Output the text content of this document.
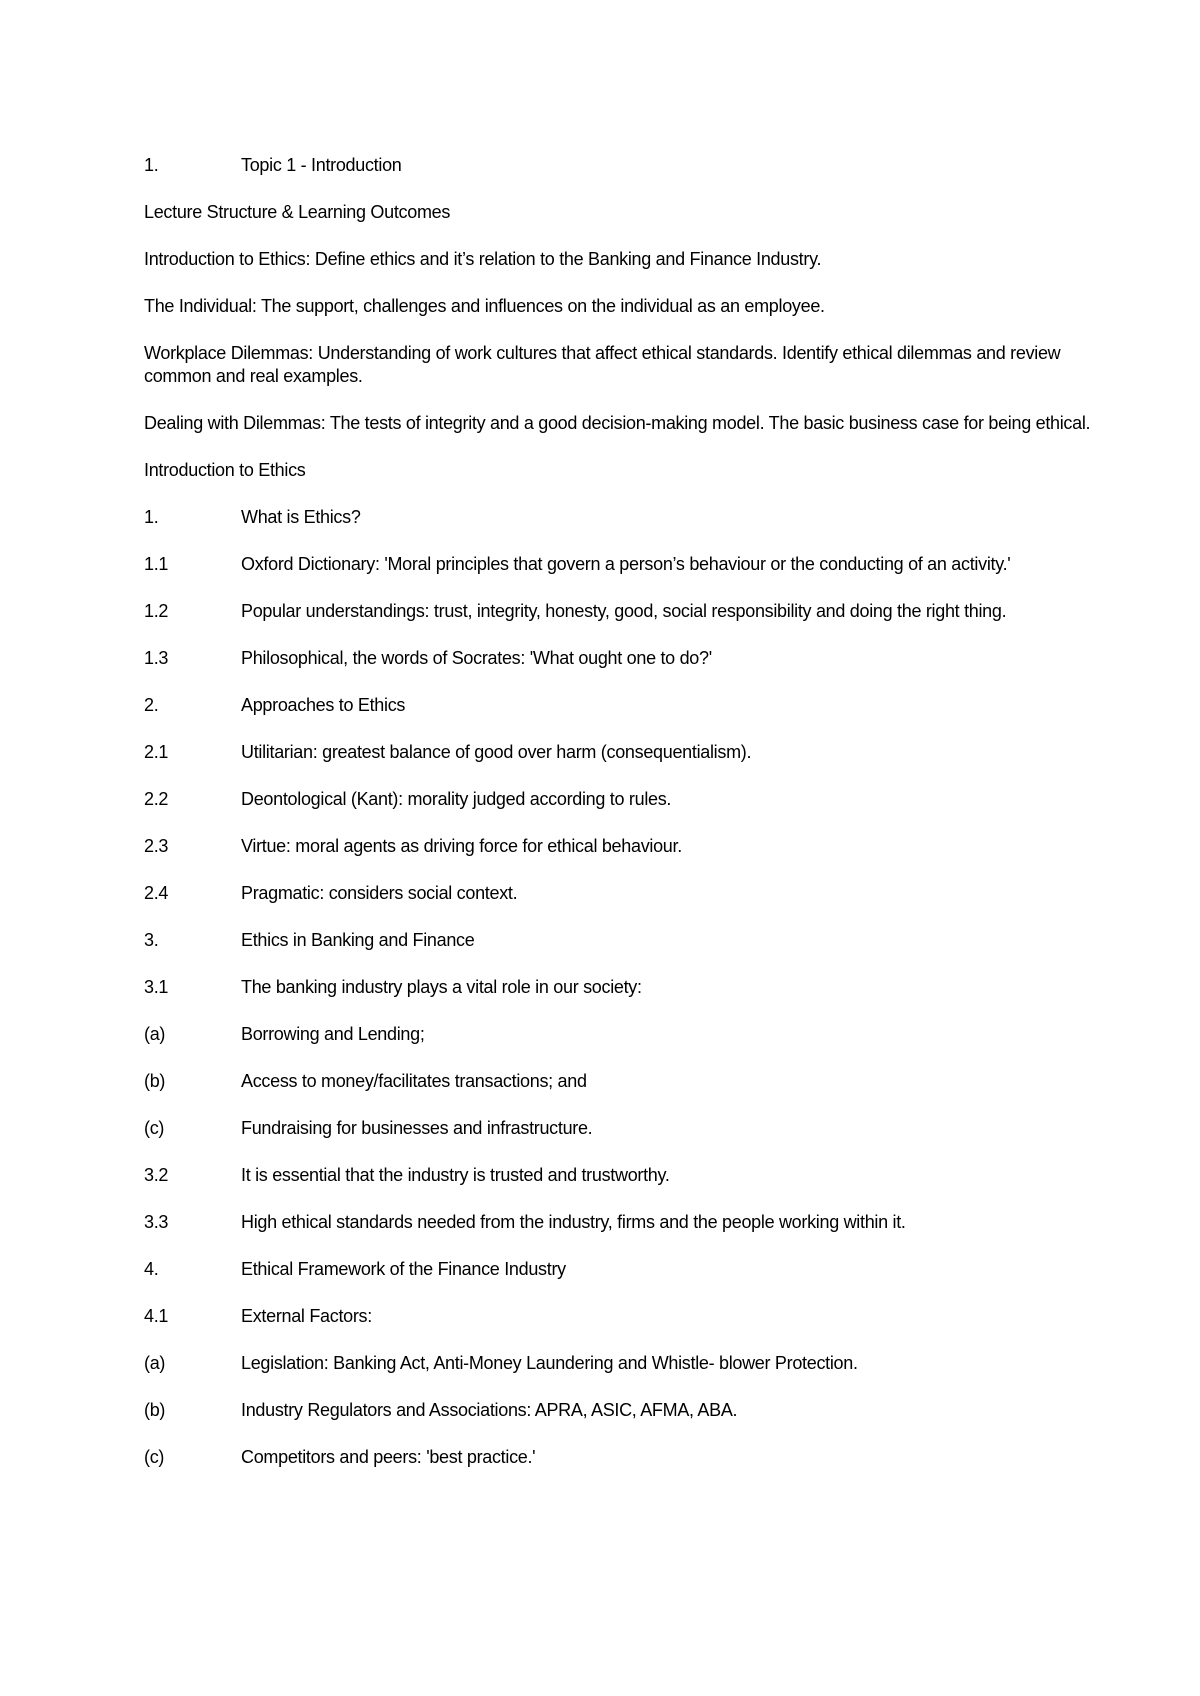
1.	Topic 1 - Introduction

Lecture Structure & Learning Outcomes

Introduction to Ethics: Define ethics and it’s relation to the Banking and Finance Industry.

The Individual: The support, challenges and influences on the individual as an employee.

Workplace Dilemmas: Understanding of work cultures that affect ethical standards. Identify ethical dilemmas and review common and real examples.

Dealing with Dilemmas: The tests of integrity and a good decision-making model. The basic business case for being ethical.

Introduction to Ethics

1.	What is Ethics?

1.1	Oxford Dictionary: 'Moral principles that govern a person’s behaviour or the conducting of an activity.'

1.2	Popular understandings: trust, integrity, honesty, good, social responsibility and doing the right thing.

1.3	Philosophical, the words of Socrates: 'What ought one to do?'

2.	Approaches to Ethics

2.1	Utilitarian: greatest balance of good over harm (consequentialism).

2.2	Deontological (Kant): morality judged according to rules.

2.3	Virtue: moral agents as driving force for ethical behaviour.

2.4	Pragmatic: considers social context.

3.	Ethics in Banking and Finance

3.1	The banking industry plays a vital role in our society:

(a)	Borrowing and Lending;

(b)	Access to money/facilitates transactions; and

(c)	Fundraising for businesses and infrastructure.

3.2	It is essential that the industry is trusted and trustworthy.

3.3	High ethical standards needed from the industry, firms and the people working within it.

4.	Ethical Framework of the Finance Industry

4.1	External Factors:

(a)	Legislation: Banking Act, Anti-Money Laundering and Whistle- blower Protection.

(b)	Industry Regulators and Associations: APRA, ASIC, AFMA, ABA.

(c)	Competitors and peers: 'best practice.'
